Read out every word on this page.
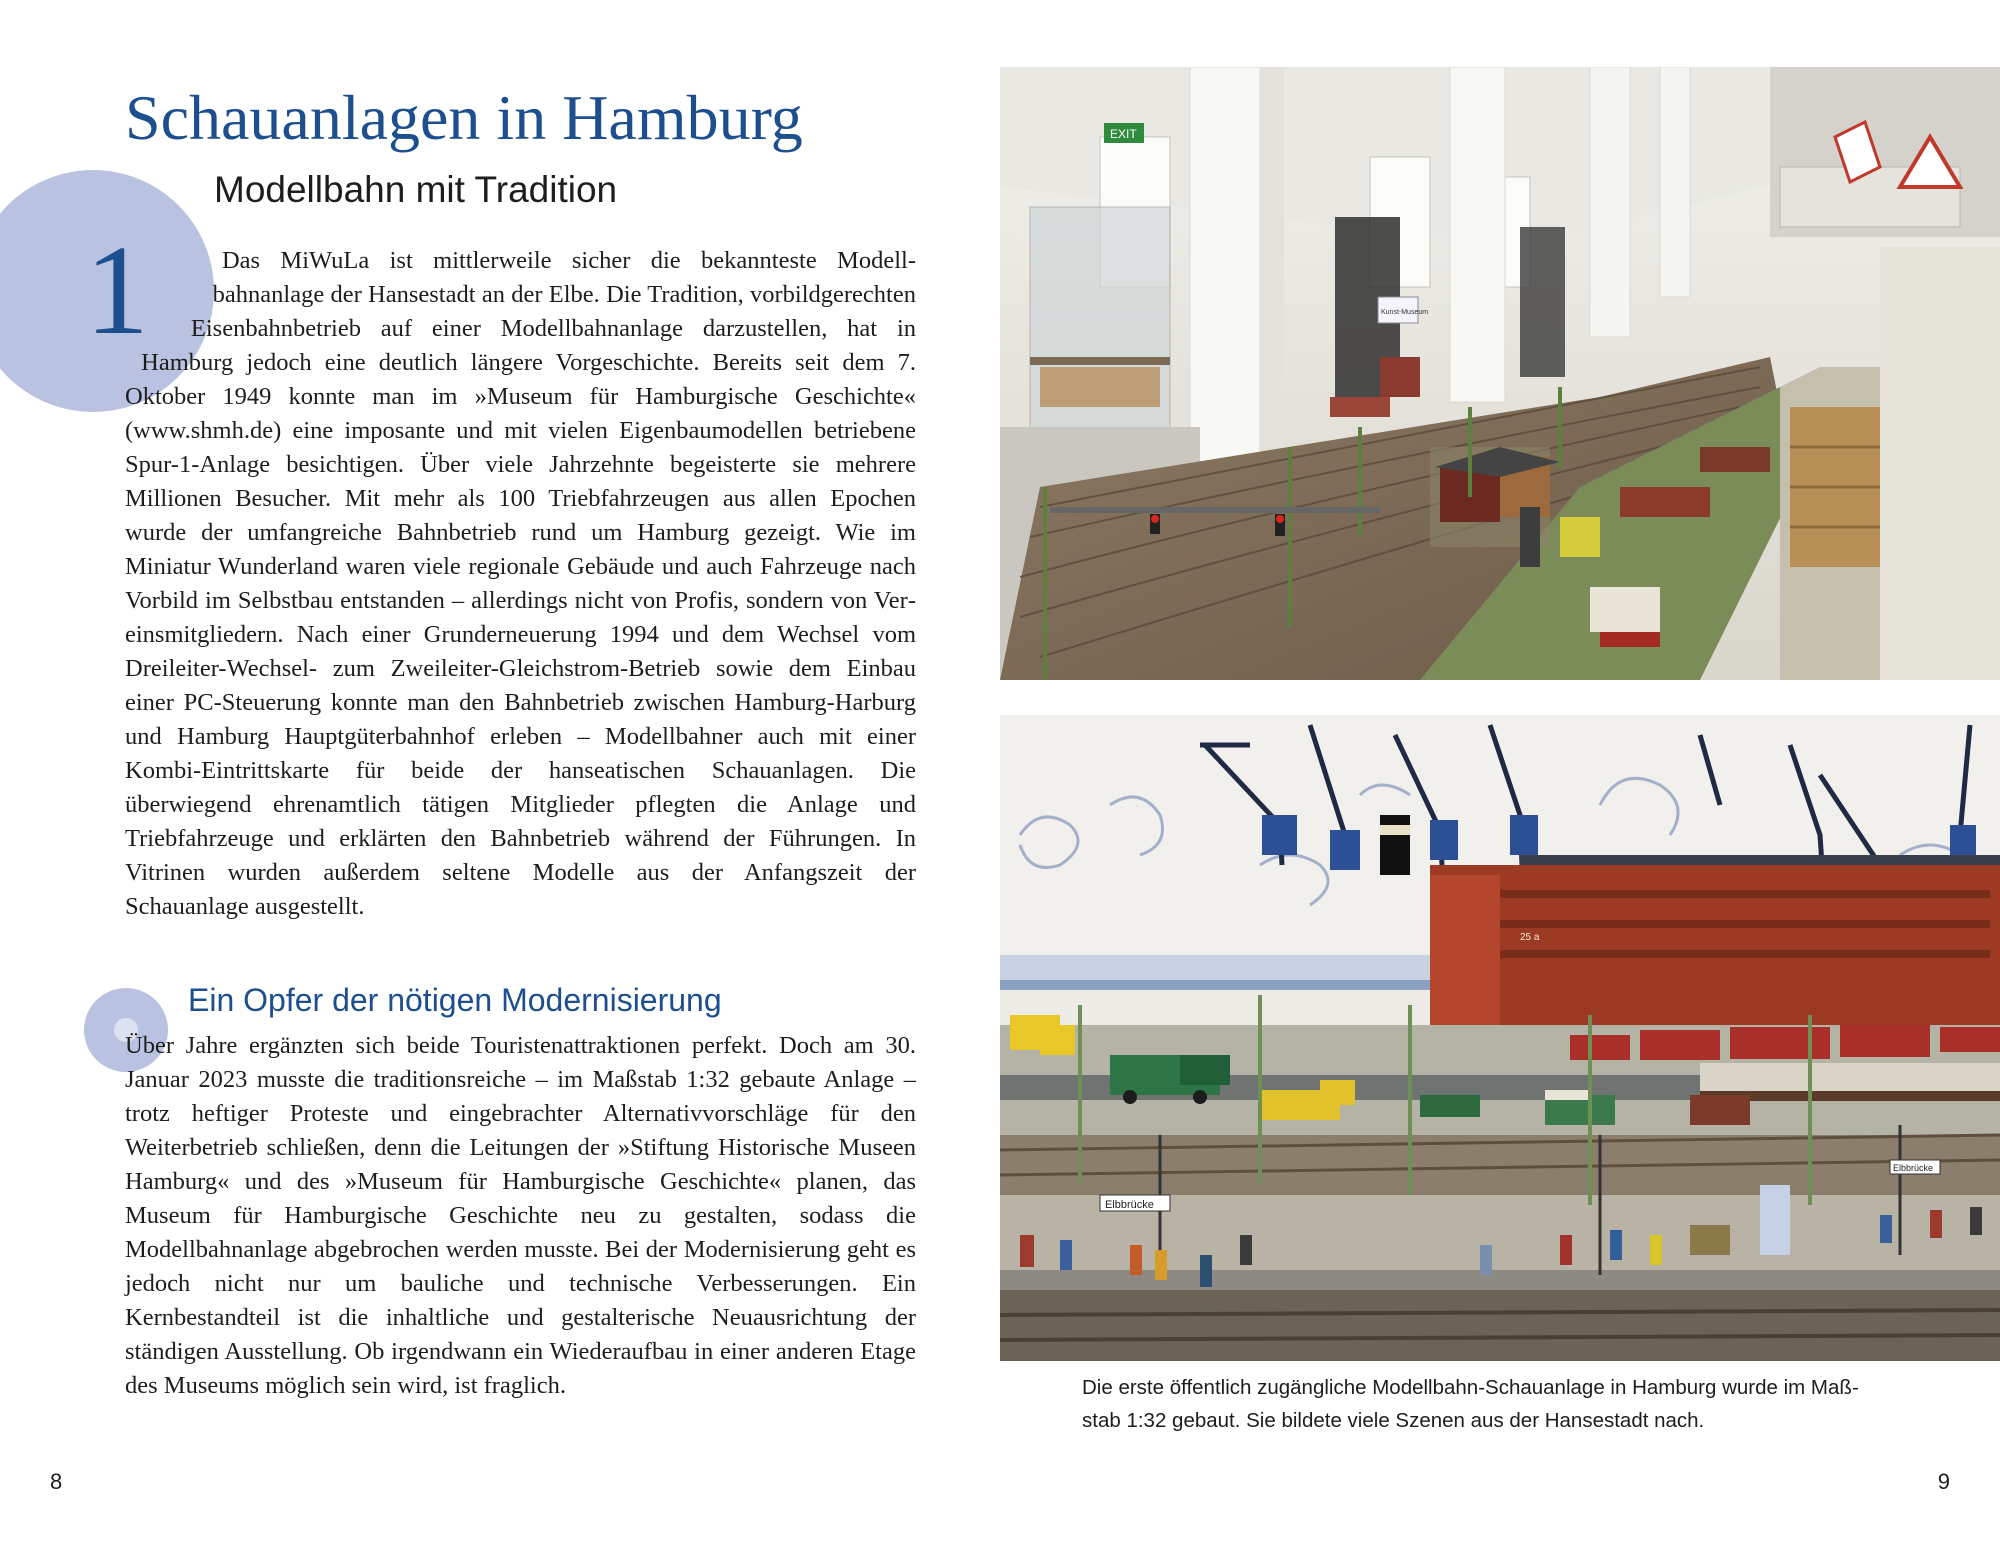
1
Schauanlagen in Hamburg
Modellbahn mit Tradition
Das MiWuLa ist mittlerweile sicher die bekannteste Modellbahnanlage der Hansestadt an der Elbe. Die Tradition, vorbildgerechten Eisenbahnbetrieb auf einer Modellbahnanlage darzustellen, hat in Hamburg jedoch eine deutlich längere Vorgeschichte. Bereits seit dem 7. Oktober 1949 konnte man im »Museum für Hamburgische Geschichte« (www.shmh.de) eine imposante und mit vielen Eigenbaumodellen betriebene Spur-1-Anlage besichtigen. Über viele Jahrzehnte begeisterte sie mehrere Millionen Besucher. Mit mehr als 100 Triebfahrzeugen aus allen Epochen wurde der umfangreiche Bahnbetrieb rund um Hamburg gezeigt. Wie im Miniatur Wunderland waren viele regionale Gebäude und auch Fahrzeuge nach Vorbild im Selbstbau entstanden – allerdings nicht von Profis, sondern von Vereinsmitgliedern. Nach einer Grunderneuerung 1994 und dem Wechsel vom Dreileiter-Wechsel- zum Zweileiter-Gleichstrom-Betrieb sowie dem Einbau einer PC-Steuerung konnte man den Bahnbetrieb zwischen Hamburg-Harburg und Hamburg Hauptgüterbahnhof erleben – Modellbahner auch mit einer Kombi-Eintrittskarte für beide der hanseatischen Schauanlagen. Die überwiegend ehrenamtlich tätigen Mitglieder pflegten die Anlage und Triebfahrzeuge und erklärten den Bahnbetrieb während der Führungen. In Vitrinen wurden außerdem seltene Modelle aus der Anfangszeit der Schauanlage ausgestellt.
Ein Opfer der nötigen Modernisierung
Über Jahre ergänzten sich beide Touristenattraktionen perfekt. Doch am 30. Januar 2023 musste die traditionsreiche – im Maßstab 1:32 gebaute Anlage – trotz heftiger Proteste und eingebrachter Alternativvorschläge für den Weiterbetrieb schließen, denn die Leitungen der »Stiftung Historische Museen Hamburg« und des »Museum für Hamburgische Geschichte« planen, das Museum für Hamburgische Geschichte neu zu gestalten, sodass die Modellbahnanlage abgebrochen werden musste. Bei der Modernisierung geht es jedoch nicht nur um bauliche und technische Verbesserungen. Ein Kernbestandteil ist die inhaltliche und gestalterische Neuausrichtung der ständigen Ausstellung. Ob irgendwann ein Wiederaufbau in einer anderen Etage des Museums möglich sein wird, ist fraglich.
EXIT
Kunst-Museum
25 a
Elbbrücke
Elbbrücke

Die erste öffentlich zugängliche Modellbahn-Schauanlage in Hamburg wurde im Maßstab 1:32 gebaut. Sie bildete viele Szenen aus der Hansestadt nach.

8	9
